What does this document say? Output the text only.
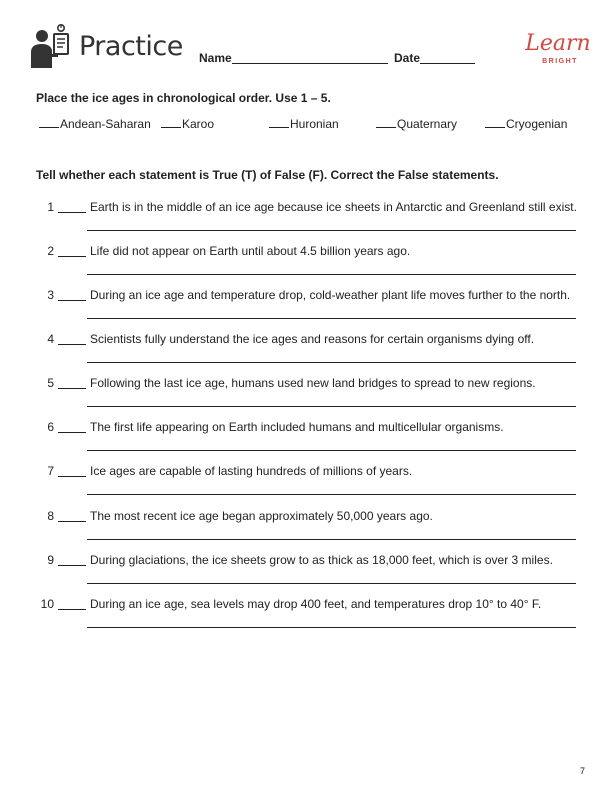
Practice Name	Date
Learn
BRIGHT
Place the ice ages in chronological order. Use 1 – 5.
Andean-Saharan	Karoo	Huronian	Quaternary	Cryogenian
Tell whether each statement is True (T) of False (F). Correct the False statements.
1	Earth is in the middle of an ice age because ice sheets in Antarctic and Greenland still exist.
2	Life did not appear on Earth until about 4.5 billion years ago.
3	During an ice age and temperature drop, cold-weather plant life moves further to the north.
4	Scientists fully understand the ice ages and reasons for certain organisms dying off.
5	Following the last ice age, humans used new land bridges to spread to new regions.
6	The first life appearing on Earth included humans and multicellular organisms.
7	Ice ages are capable of lasting hundreds of millions of years.
8	The most recent ice age began approximately 50,000 years ago.
9	During glaciations, the ice sheets grow to as thick as 18,000 feet, which is over 3 miles.
10	During an ice age, sea levels may drop 400 feet, and temperatures drop 10° to 40° F.
7
